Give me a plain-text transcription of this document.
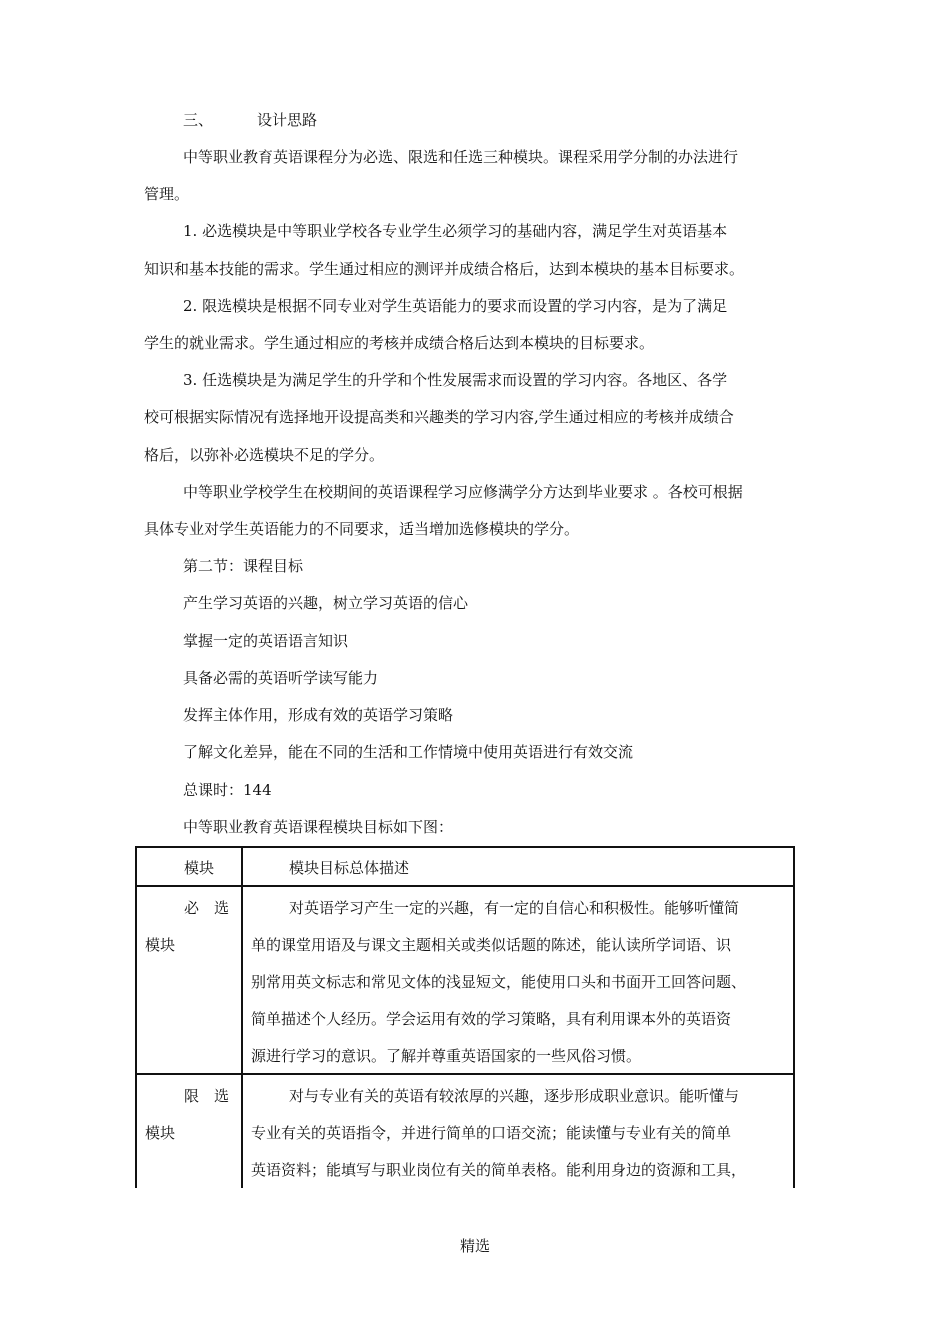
三、	设计思路
中等职业教育英语课程分为必选、限选和任选三种模块。课程采用学分制的办法进行
管理。
1. 必选模块是中等职业学校各专业学生必须学习的基础内容，满足学生对英语基本
知识和基本技能的需求。学生通过相应的测评并成绩合格后，达到本模块的基本目标要求。
2. 限选模块是根据不同专业对学生英语能力的要求而设置的学习内容，是为了满足
学生的就业需求。学生通过相应的考核并成绩合格后达到本模块的目标要求。
3. 任选模块是为满足学生的升学和个性发展需求而设置的学习内容。各地区、各学
校可根据实际情况有选择地开设提高类和兴趣类的学习内容,学生通过相应的考核并成绩合
格后，以弥补必选模块不足的学分。
中等职业学校学生在校期间的英语课程学习应修满学分方达到毕业要求 。各校可根据
具体专业对学生英语能力的不同要求，适当增加选修模块的学分。
第二节：课程目标
产生学习英语的兴趣，树立学习英语的信心
掌握一定的英语语言知识
具备必需的英语听学读写能力
发挥主体作用，形成有效的英语学习策略
了解文化差异，能在不同的生活和工作情境中使用英语进行有效交流
总课时：144
中等职业教育英语课程模块目标如下图：
模块	模块目标总体描述
必　选
模块
对英语学习产生一定的兴趣，有一定的自信心和积极性。能够听懂简
单的课堂用语及与课文主题相关或类似话题的陈述，能认读所学词语、识
别常用英文标志和常见文体的浅显短文，能使用口头和书面开工回答问题、
简单描述个人经历。学会运用有效的学习策略，具有利用课本外的英语资
源进行学习的意识。了解并尊重英语国家的一些风俗习惯。
限　选
模块
对与专业有关的英语有较浓厚的兴趣，逐步形成职业意识。能听懂与
专业有关的英语指令，并进行简单的口语交流；能读懂与专业有关的简单
英语资料；能填写与职业岗位有关的简单表格。能利用身边的资源和工具，
精选
